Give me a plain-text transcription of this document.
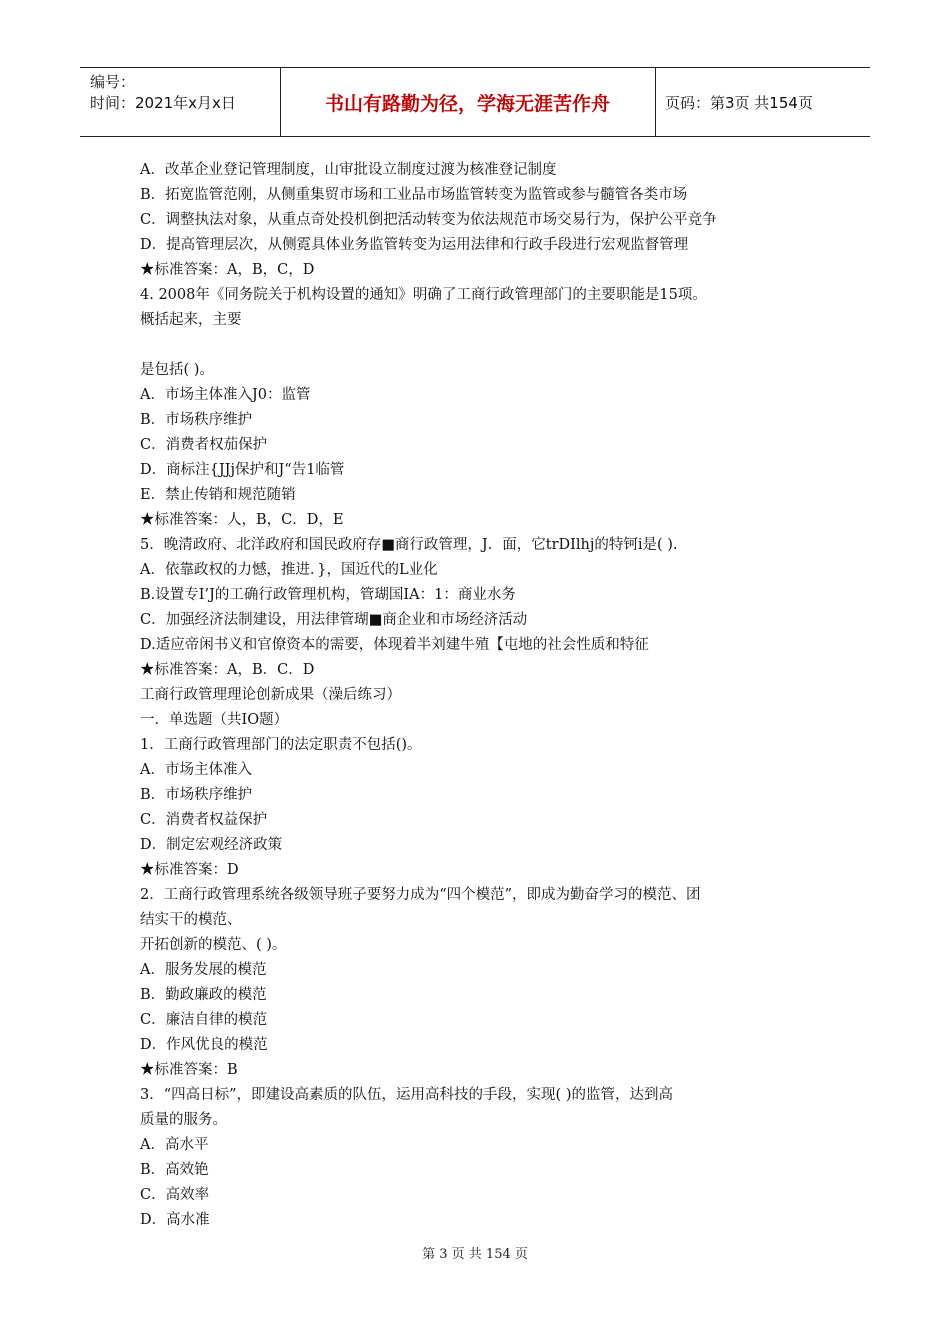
编号：
时间：2021年x月x日	书山有路勤为径，学海无涯苦作舟	页码：第3页 共154页
A．改革企业登记管理制度，山审批设立制度过渡为核准登记制度
B．拓宽监管范刚，从侧重集贸市场和工业品市场监管转变为监管或参与髓管各类市场
C．调整执法对象，从重点奇处投机倒把活动转变为依法规范市场交易行为，保护公平竞争
D．提高管理层次，从侧霓具体业务监管转变为运用法律和行政手段进行宏观监督管理
★标准答案：A，B，C，D
4. 2008年《同务院关于机构设置的通知》明确了工商行政管理部门的主要职能是15项。
概括起来，主要
是包括( )。
A．市场主体准入J0：监管
B．市场秩序维护
C．消费者权茄保护
D．商标注{JJj保护和J“告1临管
E．禁止传销和规范随销
★标准答案：人，B，C．D，E
5．晚清政府、北洋政府和国民政府存■商行政管理，J．面，它trDIlhj的特钶i是( ).
A．依靠政权的力憾，推进．}，国近代的L业化
B.设置专I’J的工确行政管理机构，管瑚国IA：1：商业水务
C．加强经济法制建设，用法律管瑚■商企业和市场经济活动
D.适应帝闲书义和官僚资本的需要，体现着半刘建牛殖【屯地的社会性质和特征
★标准答案：A，B．C．D
工商行政管理理论创新成果（澡后练习）
一．单选题（共IO题）
1．工商行政管理部门的法定职责不包括()。
A．市场主体准入
B．市场秩序维护
C．消费者权益保护
D．制定宏观经济政策
★标准答案：D
2．工商行政管理系统各级领导班子要努力成为“四个模范”，即成为勤奋学习的模范、团
结实干的模范、
开拓创新的模范、( )。
A．服务发展的模范
B．勤政廉政的模范
C．廉洁自律的模范
D．作风优良的模范
★标准答案：B
3．“四高日标”，即建设高素质的队伍，运用高科技的手段，实现( )的监管，达到高
质量的服务。
A．高水平
B．高效铯
C．高效率
D．高水准
第 3 页 共 154 页
